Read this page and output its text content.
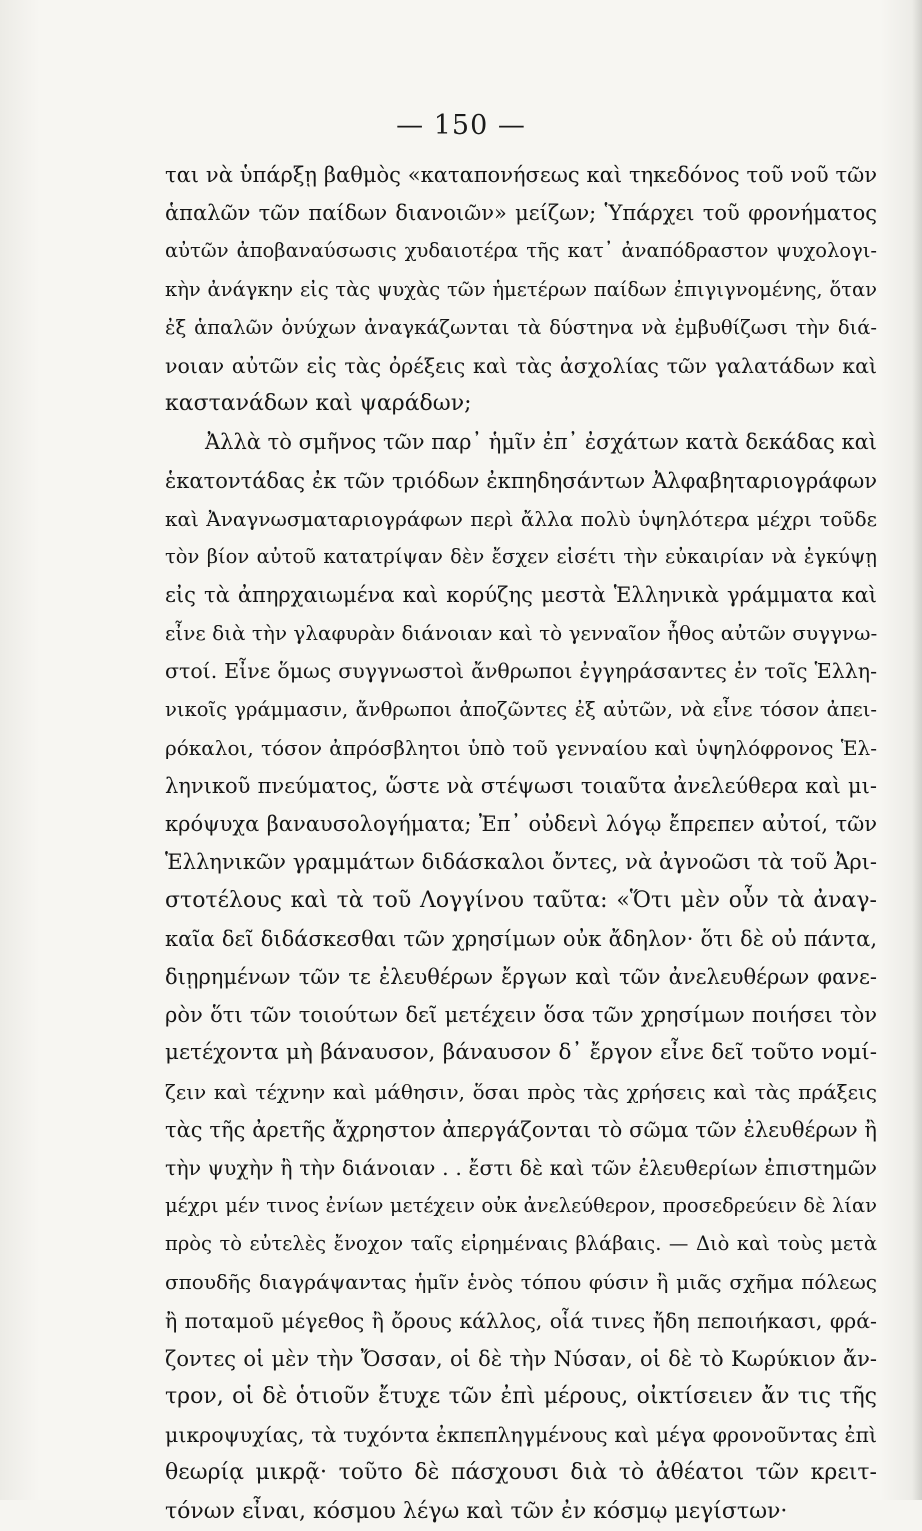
— 150 —
ται νὰ ὑπάρξῃ βαθμὸς «καταπονήσεως καὶ τηκεδόνος τοῦ νοῦ τῶν
ἁπαλῶν τῶν παίδων διανοιῶν» μείζων; Ὑπάρχει τοῦ φρονήματος
αὐτῶν ἀποβαναύσωσις χυδαιοτέρα τῆς κατ᾽ ἀναπόδραστον ψυχολογι-
κὴν ἀνάγκην εἰς τὰς ψυχὰς τῶν ἡμετέρων παίδων ἐπιγιγνομένης, ὅταν
ἐξ ἁπαλῶν ὀνύχων ἀναγκάζωνται τὰ δύστηνα νὰ ἐμβυθίζωσι τὴν διά-
νοιαν αὐτῶν εἰς τὰς ὀρέξεις καὶ τὰς ἀσχολίας τῶν γαλατάδων καὶ
καστανάδων καὶ ψαράδων;
Ἀλλὰ τὸ σμῆνος τῶν παρ᾽ ἡμῖν ἐπ᾽ ἐσχάτων κατὰ δεκάδας καὶ
ἑκατοντάδας ἐκ τῶν τριόδων ἐκπηδησάντων Ἀλφαβηταριογράφων
καὶ Ἀναγνωσματαριογράφων περὶ ἄλλα πολὺ ὑψηλότερα μέχρι τοῦδε
τὸν βίον αὐτοῦ κατατρίψαν δὲν ἔσχεν εἰσέτι τὴν εὐκαιρίαν νὰ ἐγκύψῃ
εἰς τὰ ἀπηρχαιωμένα καὶ κορύζης μεστὰ Ἑλληνικὰ γράμματα καὶ
εἶνε διὰ τὴν γλαφυρὰν διάνοιαν καὶ τὸ γενναῖον ἦθος αὐτῶν συγγνω-
στοί. Εἶνε ὅμως συγγνωστοὶ ἄνθρωποι ἐγγηράσαντες ἐν τοῖς Ἑλλη-
νικοῖς γράμμασιν, ἄνθρωποι ἀποζῶντες ἐξ αὐτῶν, νὰ εἶνε τόσον ἀπει-
ρόκαλοι, τόσον ἀπρόσβλητοι ὑπὸ τοῦ γενναίου καὶ ὑψηλόφρονος Ἑλ-
ληνικοῦ πνεύματος, ὥστε νὰ στέψωσι τοιαῦτα ἀνελεύθερα καὶ μι-
κρόψυχα βαναυσολογήματα; Ἐπ᾽ οὐδενὶ λόγῳ ἔπρεπεν αὐτοί, τῶν
Ἑλληνικῶν γραμμάτων διδάσκαλοι ὄντες, νὰ ἀγνοῶσι τὰ τοῦ Ἀρι-
στοτέλους καὶ τὰ τοῦ Λογγίνου ταῦτα: «Ὅτι μὲν οὖν τὰ ἀναγ-
καῖα δεῖ διδάσκεσθαι τῶν χρησίμων οὐκ ἄδηλον· ὅτι δὲ οὐ πάντα,
διῃρημένων τῶν τε ἐλευθέρων ἔργων καὶ τῶν ἀνελευθέρων φανε-
ρὸν ὅτι τῶν τοιούτων δεῖ μετέχειν ὅσα τῶν χρησίμων ποιήσει τὸν
μετέχοντα μὴ βάναυσον, βάναυσον δ᾽ ἔργον εἶνε δεῖ τοῦτο νομί-
ζειν καὶ τέχνην καὶ μάθησιν, ὅσαι πρὸς τὰς χρήσεις καὶ τὰς πράξεις
τὰς τῆς ἀρετῆς ἄχρηστον ἀπεργάζονται τὸ σῶμα τῶν ἐλευθέρων ἢ
τὴν ψυχὴν ἢ τὴν διάνοιαν . . ἔστι δὲ καὶ τῶν ἐλευθερίων ἐπιστημῶν
μέχρι μέν τινος ἐνίων μετέχειν οὐκ ἀνελεύθερον, προσεδρεύειν δὲ λίαν
πρὸς τὸ εὐτελὲς ἔνοχον ταῖς εἰρημέναις βλάβαις. — Διὸ καὶ τοὺς μετὰ
σπουδῆς διαγράψαντας ἡμῖν ἑνὸς τόπου φύσιν ἢ μιᾶς σχῆμα πόλεως
ἢ ποταμοῦ μέγεθος ἢ ὄρους κάλλος, οἷά τινες ἤδη πεποιήκασι, φρά-
ζοντες οἱ μὲν τὴν Ὄσσαν, οἱ δὲ τὴν Νύσαν, οἱ δὲ τὸ Κωρύκιον ἄν-
τρον, οἱ δὲ ὁτιοῦν ἔτυχε τῶν ἐπὶ μέρους, οἰκτίσειεν ἄν τις τῆς
μικροψυχίας, τὰ τυχόντα ἐκπεπληγμένους καὶ μέγα φρονοῦντας ἐπὶ
θεωρίᾳ μικρᾷ· τοῦτο δὲ πάσχουσι διὰ τὸ ἀθέατοι τῶν κρειτ-
τόνων εἶναι, κόσμου λέγω καὶ τῶν ἐν κόσμῳ μεγίστων·
